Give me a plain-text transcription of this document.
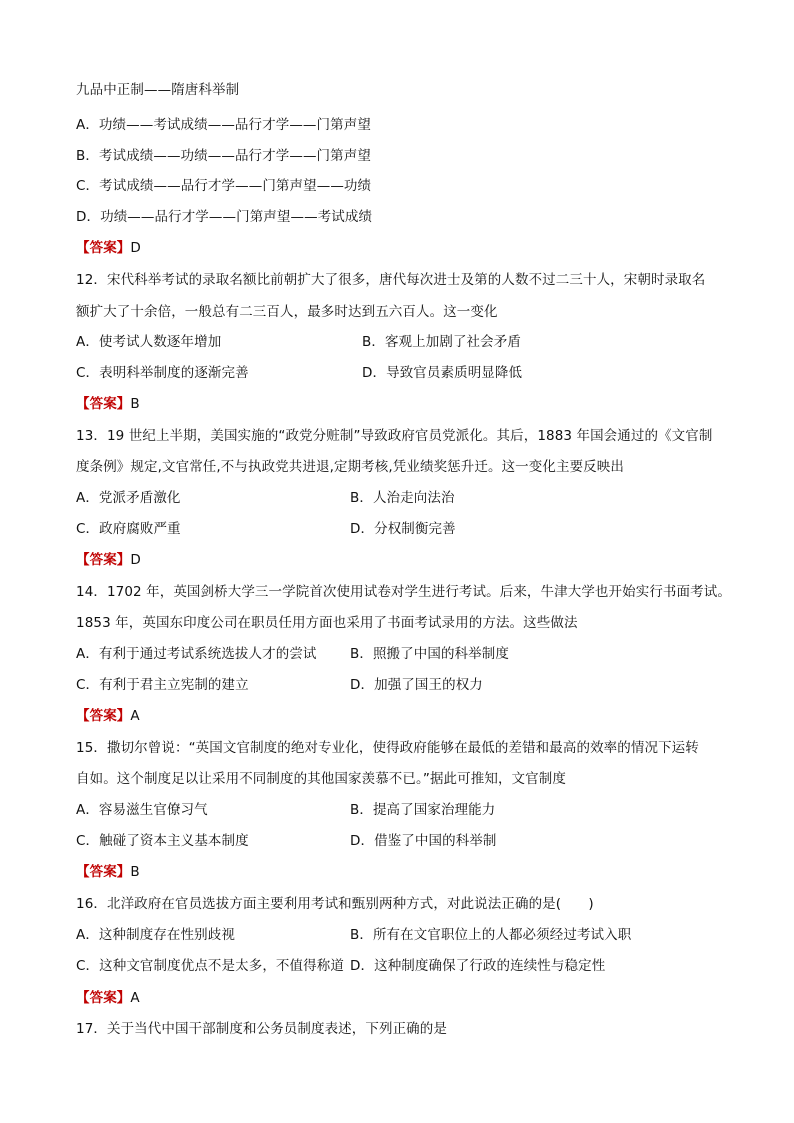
九品中正制——隋唐科举制
A．功绩——考试成绩——品行才学——门第声望
B．考试成绩——功绩——品行才学——门第声望
C．考试成绩——品行才学——门第声望——功绩
D．功绩——品行才学——门第声望——考试成绩
【答案】D
12．宋代科举考试的录取名额比前朝扩大了很多，唐代每次进士及第的人数不过二三十人，宋朝时录取名
额扩大了十余倍，一般总有二三百人，最多时达到五六百人。这一变化
A．使考试人数逐年增加	B．客观上加剧了社会矛盾
C．表明科举制度的逐渐完善	D．导致官员素质明显降低
【答案】B
13．19 世纪上半期，美国实施的“政党分赃制”导致政府官员党派化。其后，1883 年国会通过的《文官制
度条例》规定,文官常任,不与执政党共进退,定期考核,凭业绩奖惩升迁。这一变化主要反映出
A．党派矛盾激化	B．人治走向法治
C．政府腐败严重	D．分权制衡完善
【答案】D
14．1702 年，英国剑桥大学三一学院首次使用试卷对学生进行考试。后来，牛津大学也开始实行书面考试。
1853 年，英国东印度公司在职员任用方面也采用了书面考试录用的方法。这些做法
A．有利于通过考试系统选拔人才的尝试 B．照搬了中国的科举制度
C．有利于君主立宪制的建立	D．加强了国王的权力
【答案】A
15．撒切尔曾说：“英国文官制度的绝对专业化，使得政府能够在最低的差错和最高的效率的情况下运转
自如。这个制度足以让采用不同制度的其他国家羡慕不已。”据此可推知，文官制度
A．容易滋生官僚习气	B．提高了国家治理能力
C．触碰了资本主义基本制度	D．借鉴了中国的科举制
【答案】B
16．北洋政府在官员选拔方面主要利用考试和甄别两种方式，对此说法正确的是(　　)
A．这种制度存在性别歧视	B．所有在文官职位上的人都必须经过考试入职
C．这种文官制度优点不是太多，不值得称道 D．这种制度确保了行政的连续性与稳定性
【答案】A
17．关于当代中国干部制度和公务员制度表述，下列正确的是
